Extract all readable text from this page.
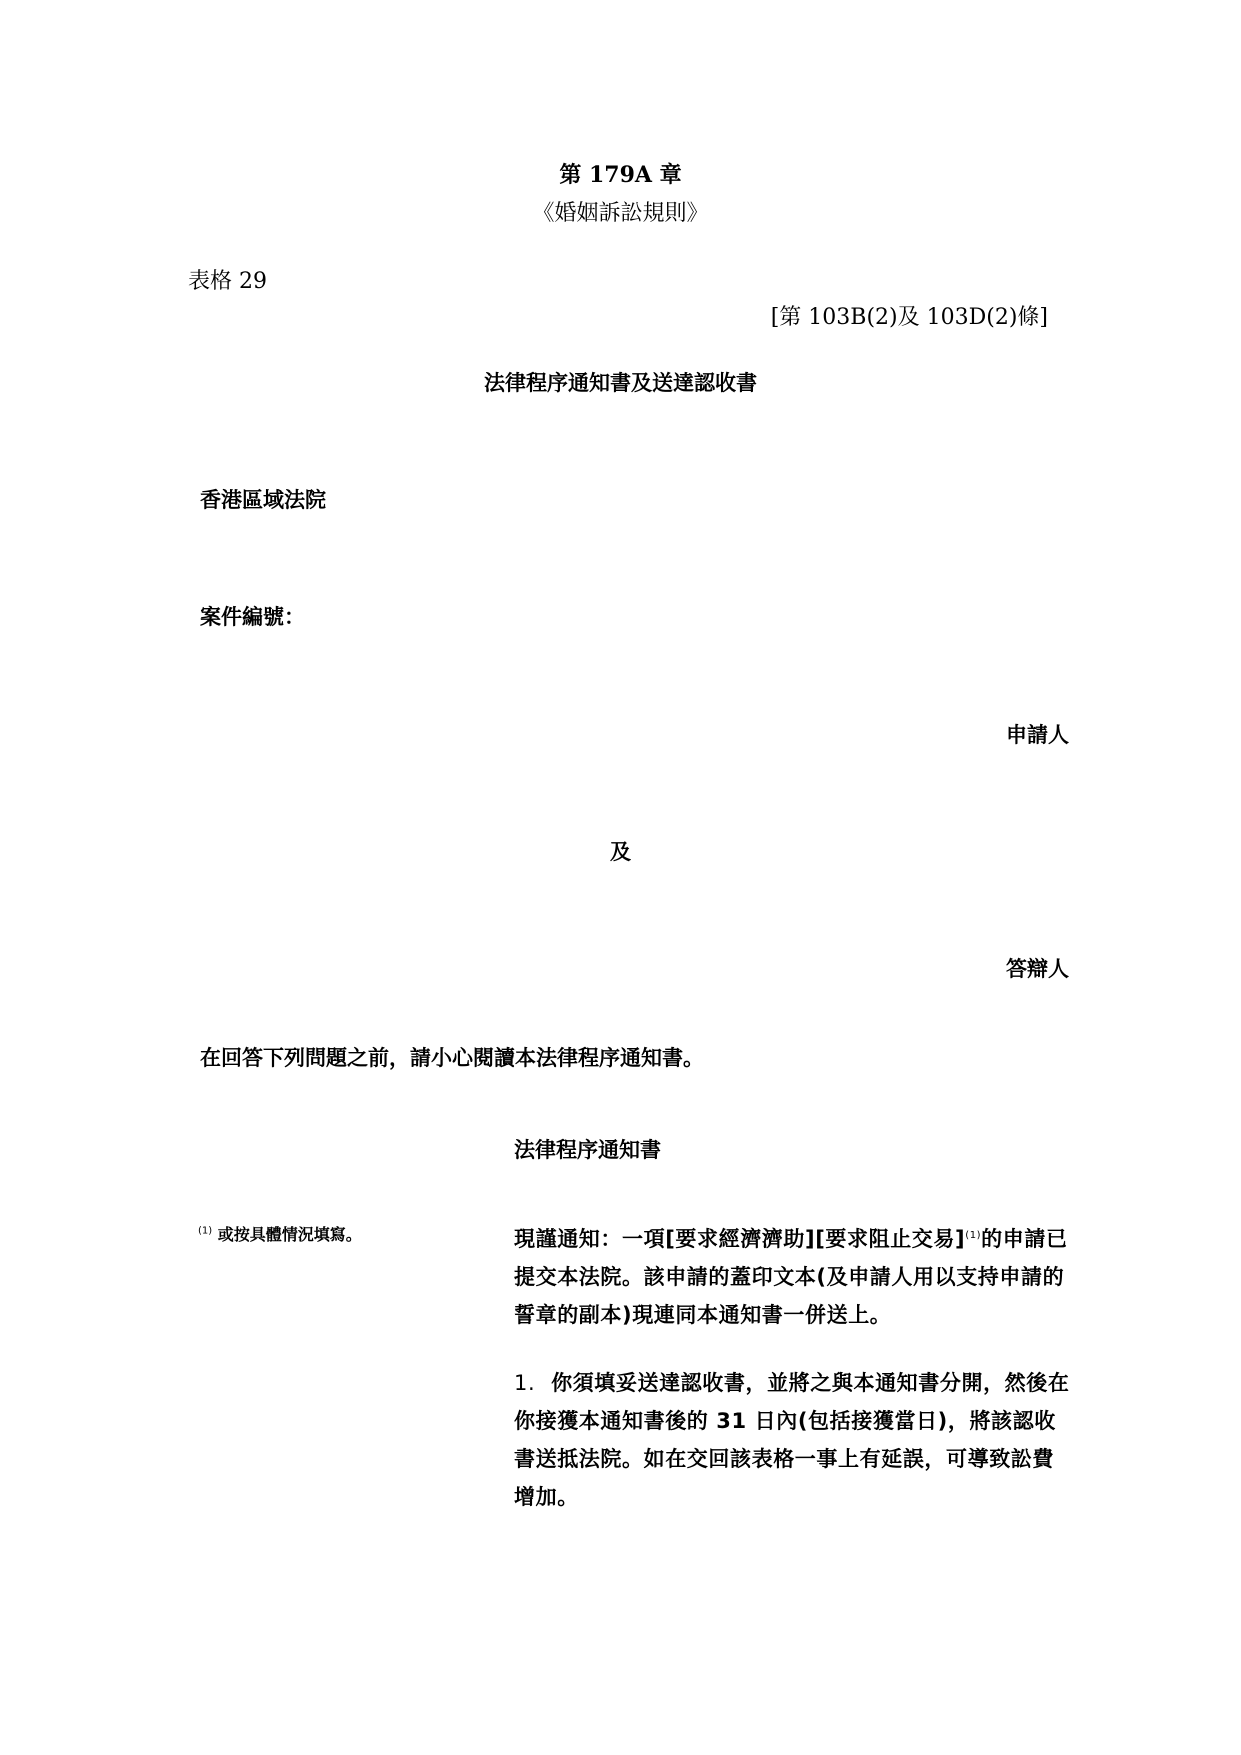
第 179A 章
《婚姻訴訟規則》
表格 29
[第 103B(2)及 103D(2)條]
法律程序通知書及送達認收書
香港區域法院
案件編號：
申請人
及
答辯人
在回答下列問題之前，請小心閱讀本法律程序通知書。
法律程序通知書
$^{(1)}$ 或按具體情況填寫。	現謹通知：一項[要求經濟濟助][要求阻止交易]$^{(1)}$的申請已提交本法院。該申請的蓋印文本(及申請人用以支持申請的誓章的副本)現連同本通知書一併送上。
1. 你須填妥送達認收書，並將之與本通知書分開，然後在你接獲本通知書後的 31 日內(包括接獲當日)，將該認收書送抵法院。如在交回該表格一事上有延誤，可導致訟費增加。
